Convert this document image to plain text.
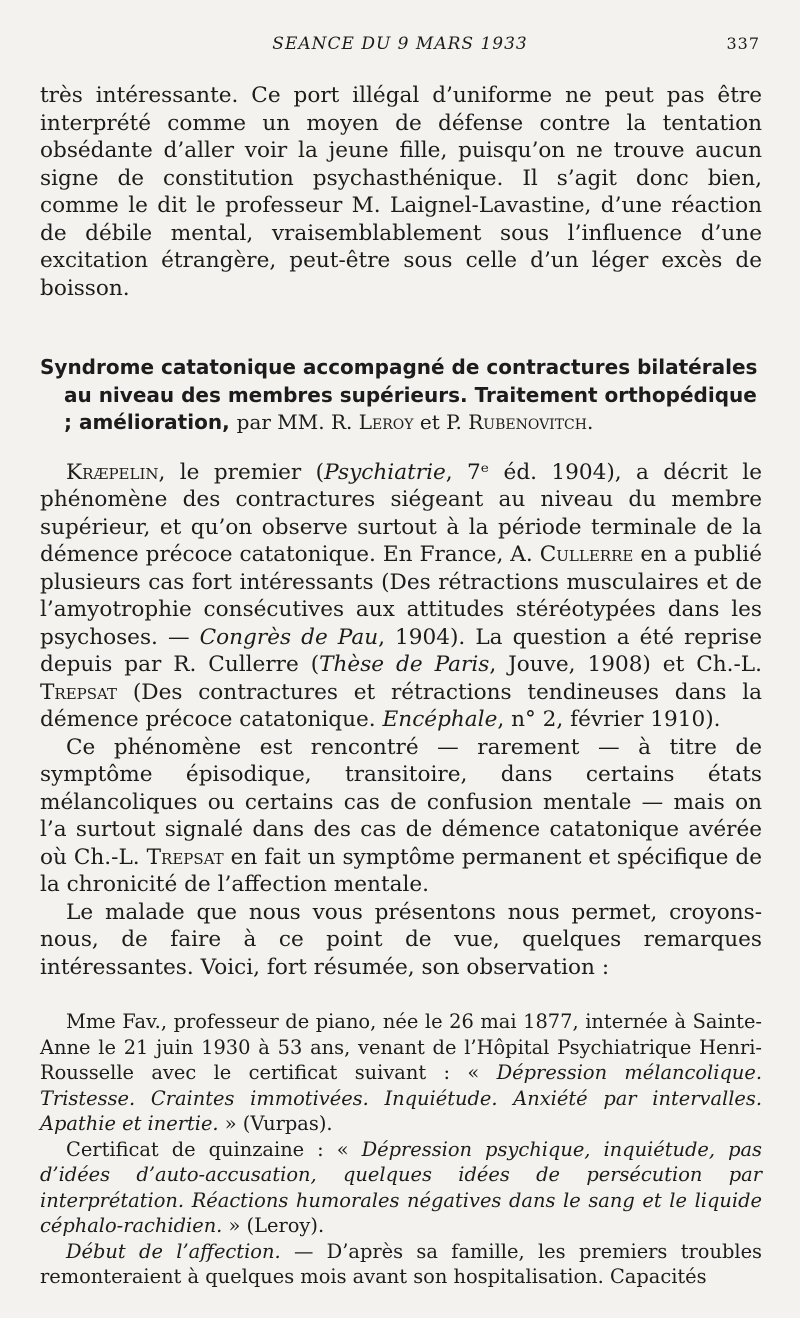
SEANCE DU 9 MARS 1933	337

très intéressante. Ce port illégal d’uniforme ne peut pas être interprété comme un moyen de défense contre la tentation obsédante d’aller voir la jeune fille, puisqu’on ne trouve aucun signe de constitution psychasthénique. Il s’agit donc bien, comme le dit le professeur M. Laignel-Lavastine, d’une réaction de débile mental, vraisemblablement sous l’influence d’une excitation étrangère, peut-être sous celle d’un léger excès de boisson.

Syndrome catatonique accompagné de contractures bilatérales au niveau des membres supérieurs. Traitement orthopédique ; amélioration, par MM. R. Leroy et P. Rubenovitch.

Kræpelin, le premier (Psychiatrie, 7ᵉ éd. 1904), a décrit le phénomène des contractures siégeant au niveau du membre supérieur, et qu’on observe surtout à la période terminale de la démence précoce catatonique. En France, A. Cullerre en a publié plusieurs cas fort intéressants (Des rétractions musculaires et de l’amyotrophie consécutives aux attitudes stéréotypées dans les psychoses. — Congrès de Pau, 1904). La question a été reprise depuis par R. Cullerre (Thèse de Paris, Jouve, 1908) et Ch.-L. Trepsat (Des contractures et rétractions tendineuses dans la démence précoce catatonique. Encéphale, n° 2, février 1910).

Ce phénomène est rencontré — rarement — à titre de symptôme épisodique, transitoire, dans certains états mélancoliques ou certains cas de confusion mentale — mais on l’a surtout signalé dans des cas de démence catatonique avérée où Ch.-L. Trepsat en fait un symptôme permanent et spécifique de la chronicité de l’affection mentale.

Le malade que nous vous présentons nous permet, croyons-nous, de faire à ce point de vue, quelques remarques intéressantes. Voici, fort résumée, son observation :

Mme Fav., professeur de piano, née le 26 mai 1877, internée à Sainte-Anne le 21 juin 1930 à 53 ans, venant de l’Hôpital Psychiatrique Henri-Rousselle avec le certificat suivant : « Dépression mélancolique. Tristesse. Craintes immotivées. Inquiétude. Anxiété par intervalles. Apathie et inertie. » (Vurpas).

Certificat de quinzaine : « Dépression psychique, inquiétude, pas d’idées d’auto-accusation, quelques idées de persécution par interprétation. Réactions humorales négatives dans le sang et le liquide céphalo-rachidien. » (Leroy).

Début de l’affection. — D’après sa famille, les premiers troubles remonteraient à quelques mois avant son hospitalisation. Capacités
